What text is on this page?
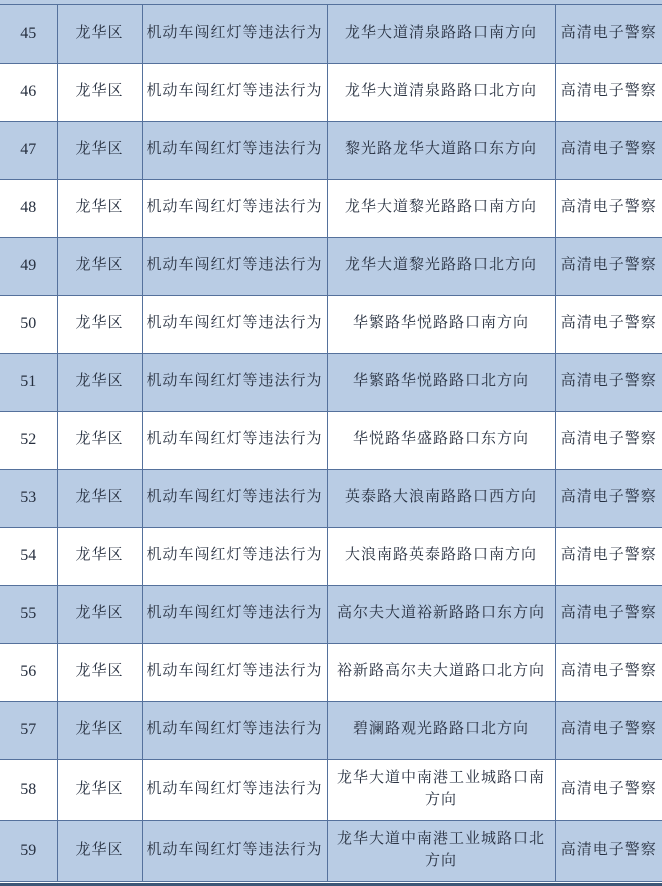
45	龙华区	机动车闯红灯等违法行为	龙华大道清泉路路口南方向	高清电子警察
46	龙华区	机动车闯红灯等违法行为	龙华大道清泉路路口北方向	高清电子警察
47	龙华区	机动车闯红灯等违法行为	黎光路龙华大道路口东方向	高清电子警察
48	龙华区	机动车闯红灯等违法行为	龙华大道黎光路路口南方向	高清电子警察
49	龙华区	机动车闯红灯等违法行为	龙华大道黎光路路口北方向	高清电子警察
50	龙华区	机动车闯红灯等违法行为	华繁路华悦路路口南方向	高清电子警察
51	龙华区	机动车闯红灯等违法行为	华繁路华悦路路口北方向	高清电子警察
52	龙华区	机动车闯红灯等违法行为	华悦路华盛路路口东方向	高清电子警察
53	龙华区	机动车闯红灯等违法行为	英泰路大浪南路路口西方向	高清电子警察
54	龙华区	机动车闯红灯等违法行为	大浪南路英泰路路口南方向	高清电子警察
55	龙华区	机动车闯红灯等违法行为	高尔夫大道裕新路路口东方向	高清电子警察
56	龙华区	机动车闯红灯等违法行为	裕新路高尔夫大道路口北方向	高清电子警察
57	龙华区	机动车闯红灯等违法行为	碧澜路观光路路口北方向	高清电子警察
58	龙华区	机动车闯红灯等违法行为	龙华大道中南港工业城路口南方向	高清电子警察
59	龙华区	机动车闯红灯等违法行为	龙华大道中南港工业城路口北方向	高清电子警察
